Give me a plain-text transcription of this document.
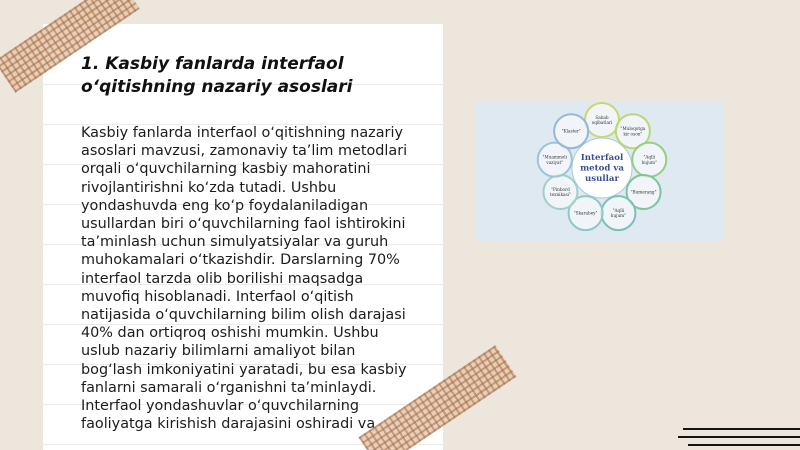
1. Kasbiy fanlarda interfaol
o‘qitishning nazariy asoslari
Kasbiy fanlarda interfaol o‘qitishning nazariy
asoslari mavzusi, zamonaviy ta’lim metodlari
orqali o‘quvchilarning kasbiy mahoratini
rivojlantirishni ko‘zda tutadi. Ushbu
yondashuvda eng ko‘p foydalaniladigan
usullardan biri o‘quvchilarning faol ishtirokini
ta’minlash uchun simulyatsiyalar va guruh
muhokamalari o‘tkazishdir. Darslarning 70%
interfaol tarzda olib borilishi maqsadga
muvofiq hisoblanadi. Interfaol o‘qitish
natijasida o‘quvchilarning bilim olish darajasi
40% dan ortiqroq oshishi mumkin. Ushbu
uslub nazariy bilimlarni amaliyot bilan
bog‘lash imkoniyatini yaratadi, bu esa kasbiy
fanlarni samarali o‘rganishni ta’minlaydi.
Interfaol yondashuvlar o‘quvchilarning
faoliyatga kirishish darajasini oshiradi va
Sabab oqibatlari
"Muloqotga kir oson"
"Aqlli hujum"
"Bumerang"
"Aqlli hujum"
"Skarabey"
"Pinbord texnikasi"
"Muammoli vaziyat"
"Klaster"
Interfaol metod va usullar
